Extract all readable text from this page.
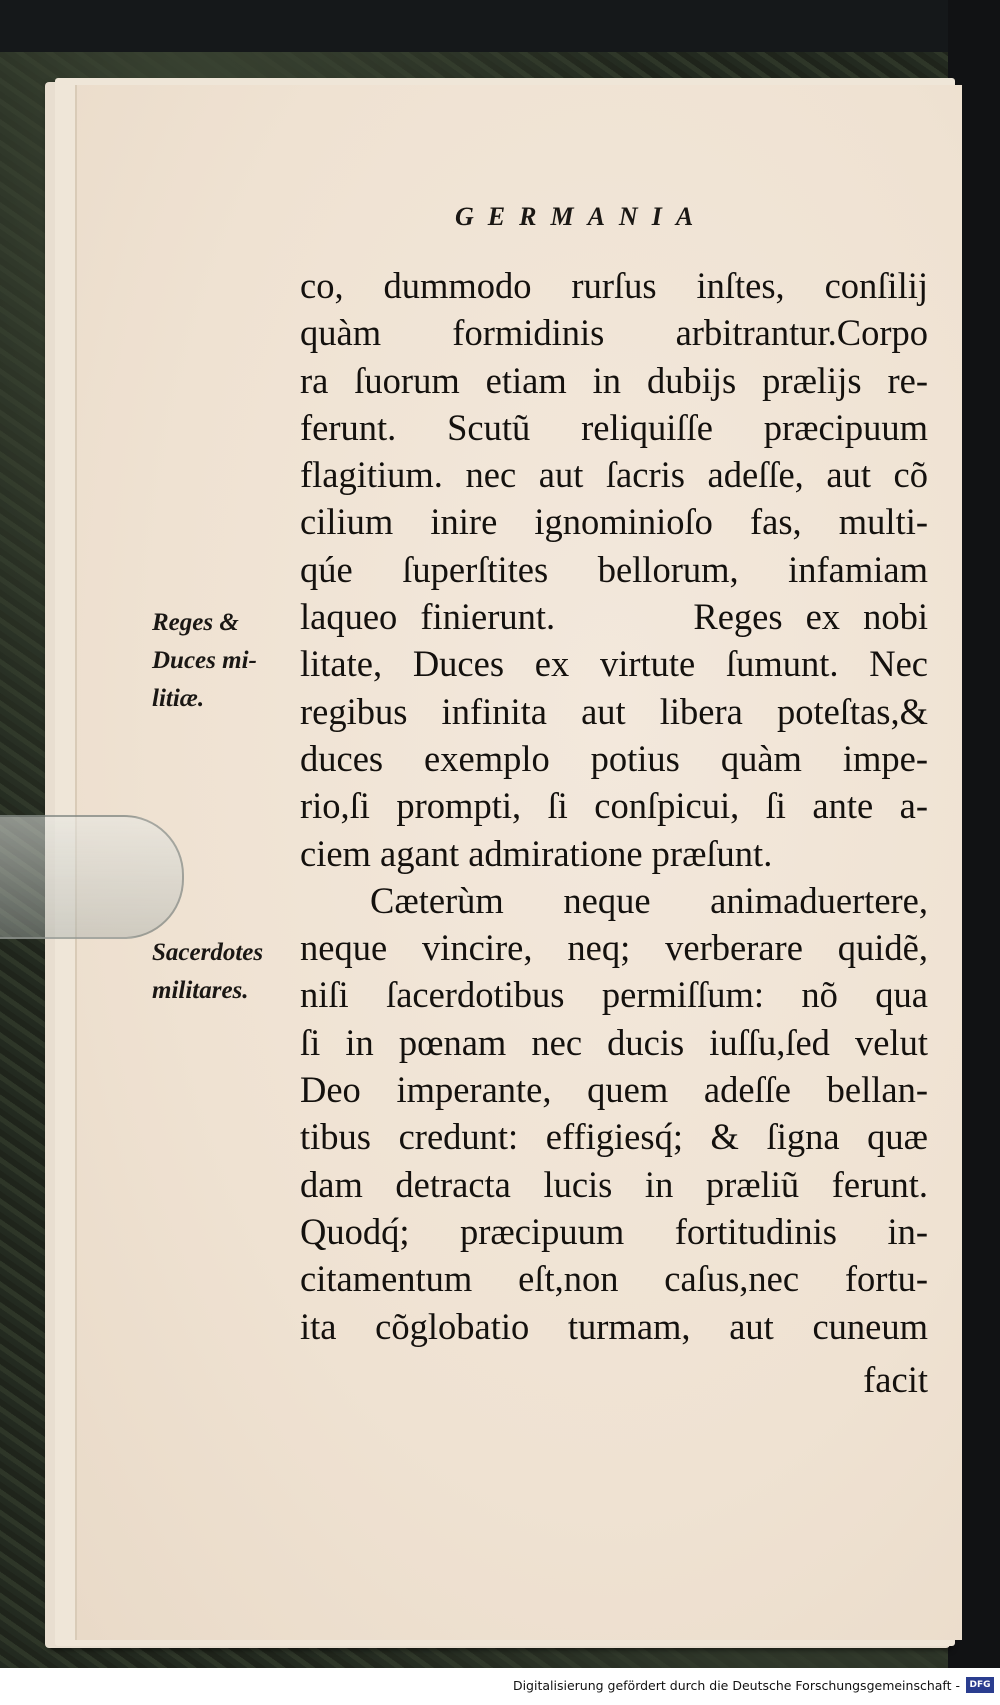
GERMANIA
Reges &
Duces mi-
litiæ.
Sacerdotes
militares.
co, dummodo rurſus inſtes, conſilij
quàm formidinis arbitrantur.Corpo
ra ſuorum etiam in dubijs prælijs re-
ferunt. Scutũ reliquiſſe præcipuum
flagitium. nec aut ſacris adeſſe, aut cõ
cilium inire ignominioſo fas, multi-
qúe ſuperſtites bellorum, infamiam
laqueo finierunt.      Reges ex nobi
litate, Duces ex virtute ſumunt. Nec
regibus infinita aut libera poteſtas,&
duces exemplo potius quàm impe-
rio,ſi prompti, ſi conſpicui, ſi ante a-
ciem agant admiratione præſunt.
Cæterùm neque animaduertere,
neque vincire, neq; verberare quidẽ,
niſi ſacerdotibus permiſſum: nõ qua
ſi in pœnam nec ducis iuſſu,ſed velut
Deo imperante, quem adeſſe bellan-
tibus credunt: effigiesq́; & ſigna quæ
dam detracta lucis in præliũ ferunt.
Quodq́; præcipuum fortitudinis in-
citamentum eſt,non caſus,nec fortu-
ita cõglobatio turmam, aut cuneum
facit
Digitalisierung gefördert durch die Deutsche Forschungsgemeinschaft -	DFG
